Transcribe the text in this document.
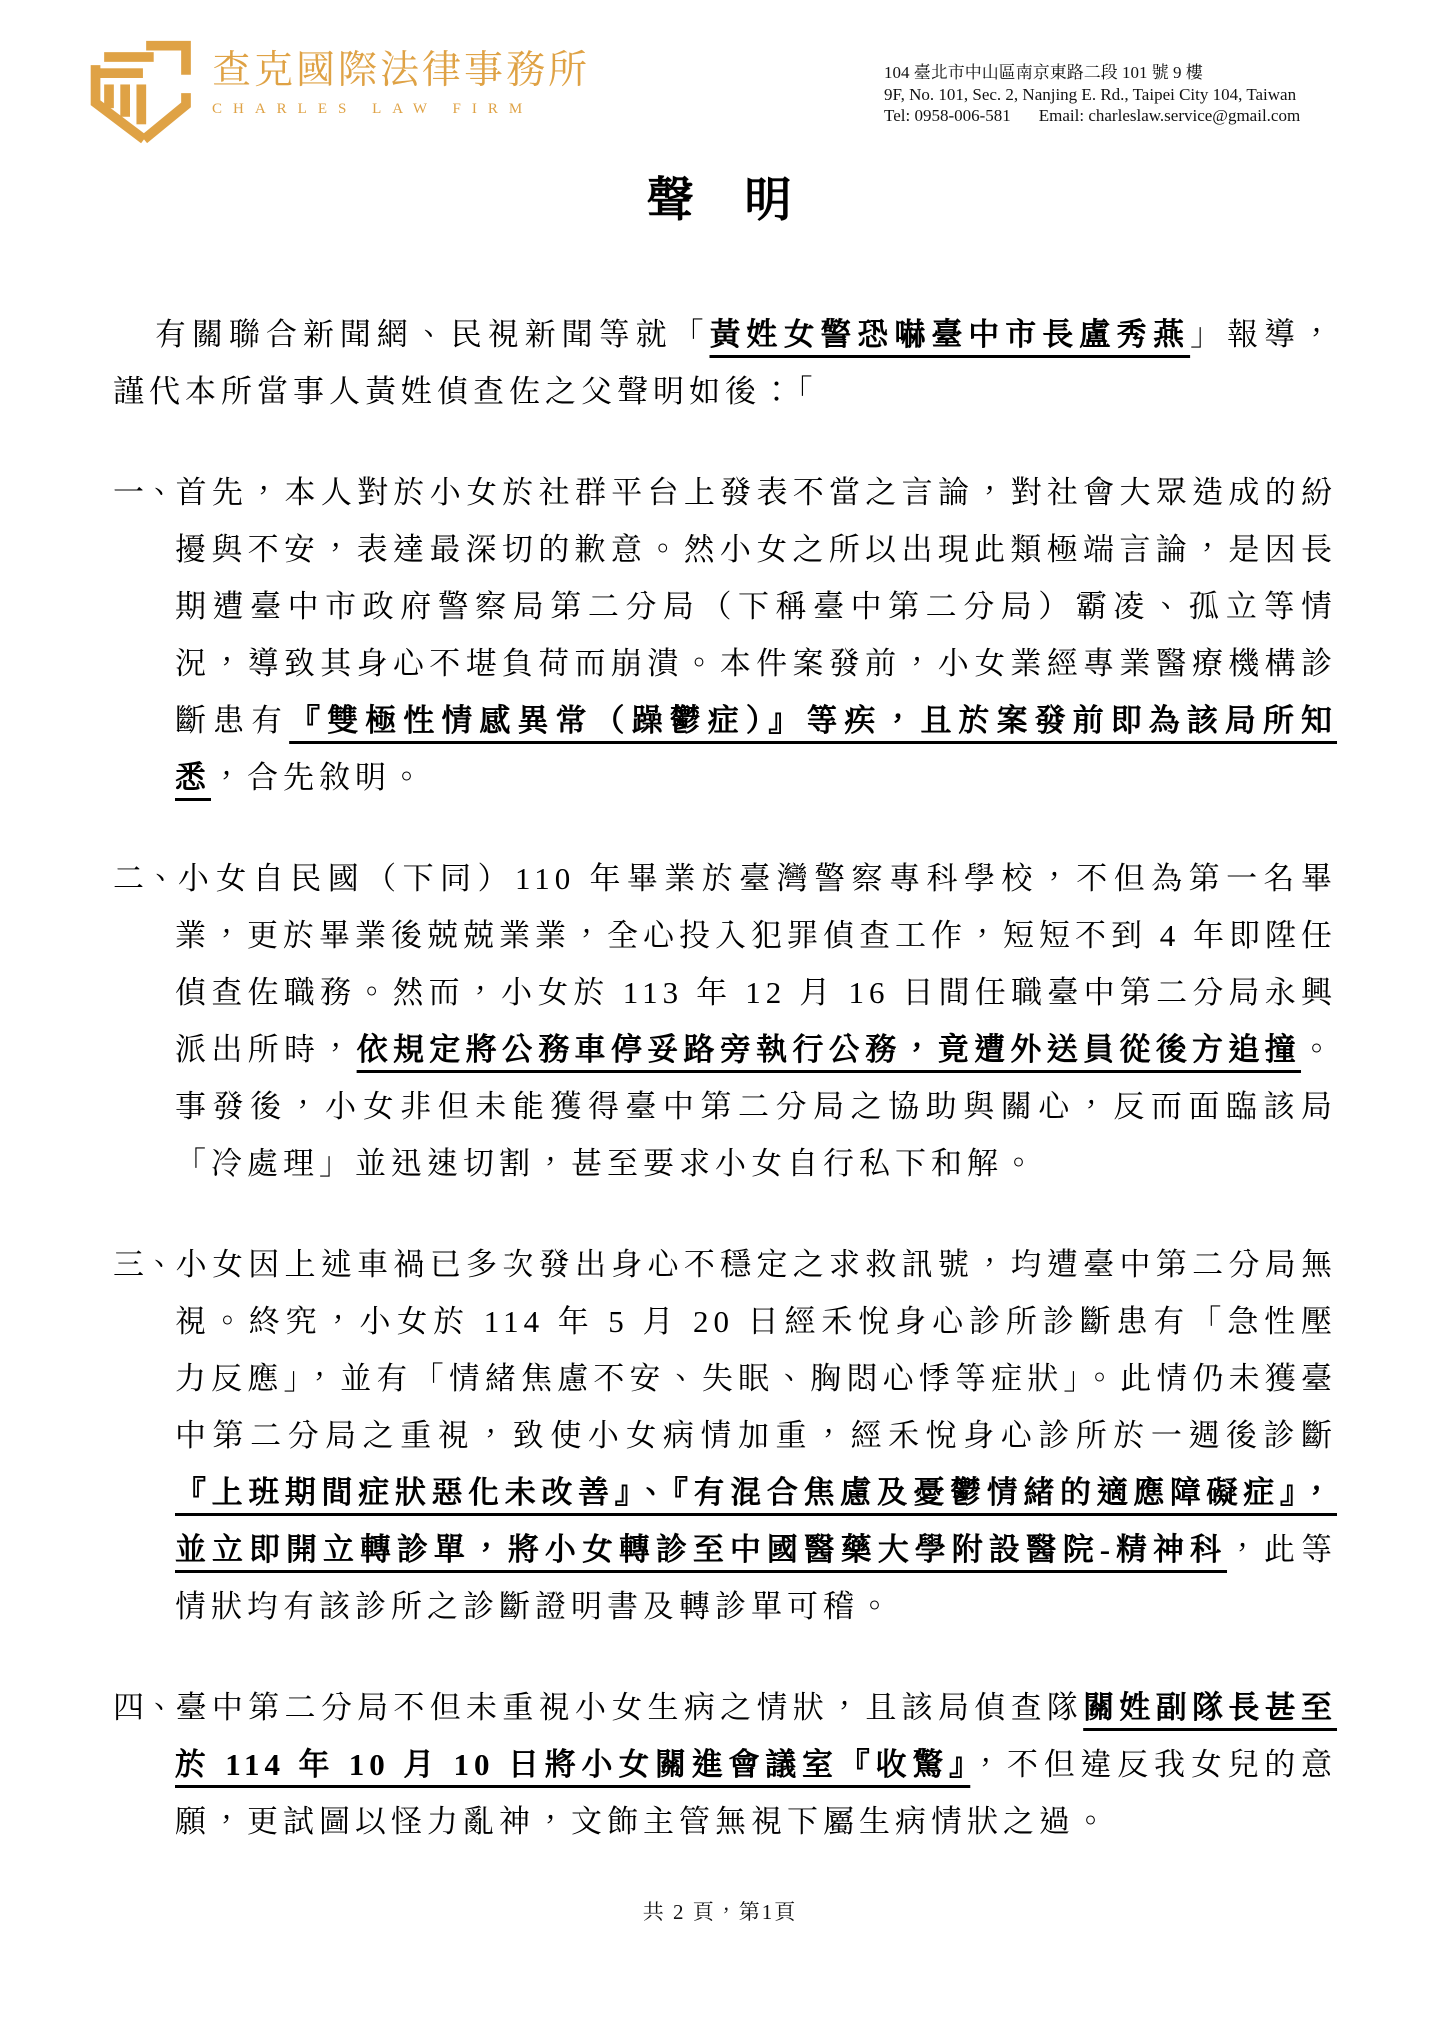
查克國際法律事務所
CHARLES LAW FIRM
104 臺北市中山區南京東路二段 101 號 9 樓
9F, No. 101, Sec. 2, Nanjing E. Rd., Taipei City 104, Taiwan
Tel: 0958-006-581 Email: charleslaw.service@gmail.com
聲　明

有關聯合新聞網、民視新聞等就「黃姓女警恐嚇臺中市長盧秀燕」報導，謹代本所當事人黃姓偵查佐之父聲明如後：「

一、首先，本人對於小女於社群平台上發表不當之言論，對社會大眾造成的紛擾與不安，表達最深切的歉意。然小女之所以出現此類極端言論，是因長期遭臺中市政府警察局第二分局（下稱臺中第二分局）霸凌、孤立等情況，導致其身心不堪負荷而崩潰。本件案發前，小女業經專業醫療機構診斷患有『雙極性情感異常（躁鬱症）』等疾，且於案發前即為該局所知悉，合先敘明。

二、小女自民國（下同）110 年畢業於臺灣警察專科學校，不但為第一名畢業，更於畢業後兢兢業業，全心投入犯罪偵查工作，短短不到 4 年即陞任偵查佐職務。然而，小女於 113 年 12 月 16 日間任職臺中第二分局永興派出所時，依規定將公務車停妥路旁執行公務，竟遭外送員從後方追撞。事發後，小女非但未能獲得臺中第二分局之協助與關心，反而面臨該局「冷處理」並迅速切割，甚至要求小女自行私下和解。

三、小女因上述車禍已多次發出身心不穩定之求救訊號，均遭臺中第二分局無視。終究，小女於 114 年 5 月 20 日經禾悅身心診所診斷患有「急性壓力反應」，並有「情緒焦慮不安、失眠、胸悶心悸等症狀」。此情仍未獲臺中第二分局之重視，致使小女病情加重，經禾悅身心診所於一週後診斷『上班期間症狀惡化未改善』、『有混合焦慮及憂鬱情緒的適應障礙症』，並立即開立轉診單，將小女轉診至中國醫藥大學附設醫院-精神科，此等情狀均有該診所之診斷證明書及轉診單可稽。

四、臺中第二分局不但未重視小女生病之情狀，且該局偵查隊關姓副隊長甚至於 114 年 10 月 10 日將小女關進會議室『收驚』，不但違反我女兒的意願，更試圖以怪力亂神，文飾主管無視下屬生病情狀之過。

共 2 頁，第1頁
